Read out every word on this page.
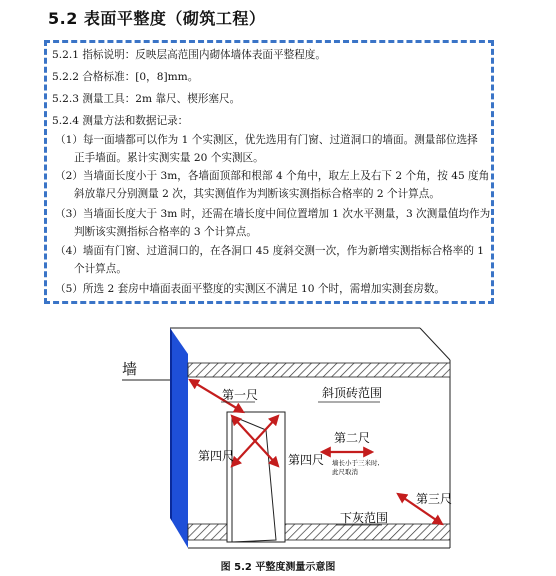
5.2 表面平整度（砌筑工程）
5.2.1 指标说明：反映层高范围内砌体墙体表面平整程度。
5.2.2 合格标准：[0，8]mm。
5.2.3 测量工具：2m 靠尺、楔形塞尺。
5.2.4 测量方法和数据记录：
（1）每一面墙都可以作为 1 个实测区，优先选用有门窗、过道洞口的墙面。测量部位选择
正手墙面。累计实测实量 20 个实测区。
（2）当墙面长度小于 3m，各墙面顶部和根部 4 个角中，取左上及右下 2 个角，按 45 度角
斜放靠尺分别测量 2 次，其实测值作为判断该实测指标合格率的 2 个计算点。
（3）当墙面长度大于 3m 时，还需在墙长度中间位置增加 1 次水平测量，3 次测量值均作为
判断该实测指标合格率的 3 个计算点。
（4）墙面有门窗、过道洞口的，在各洞口 45 度斜交测一次，作为新增实测指标合格率的 1
个计算点。
（5）所选 2 套房中墙面表面平整度的实测区不满足 10 个时，需增加实测套房数。
墙
第一尺
第四尺	第四尺
斜顶砖范围
第二尺
墙长小于三米时,
此尺取消
第三尺
下灰范围
图 5.2 平整度测量示意图
